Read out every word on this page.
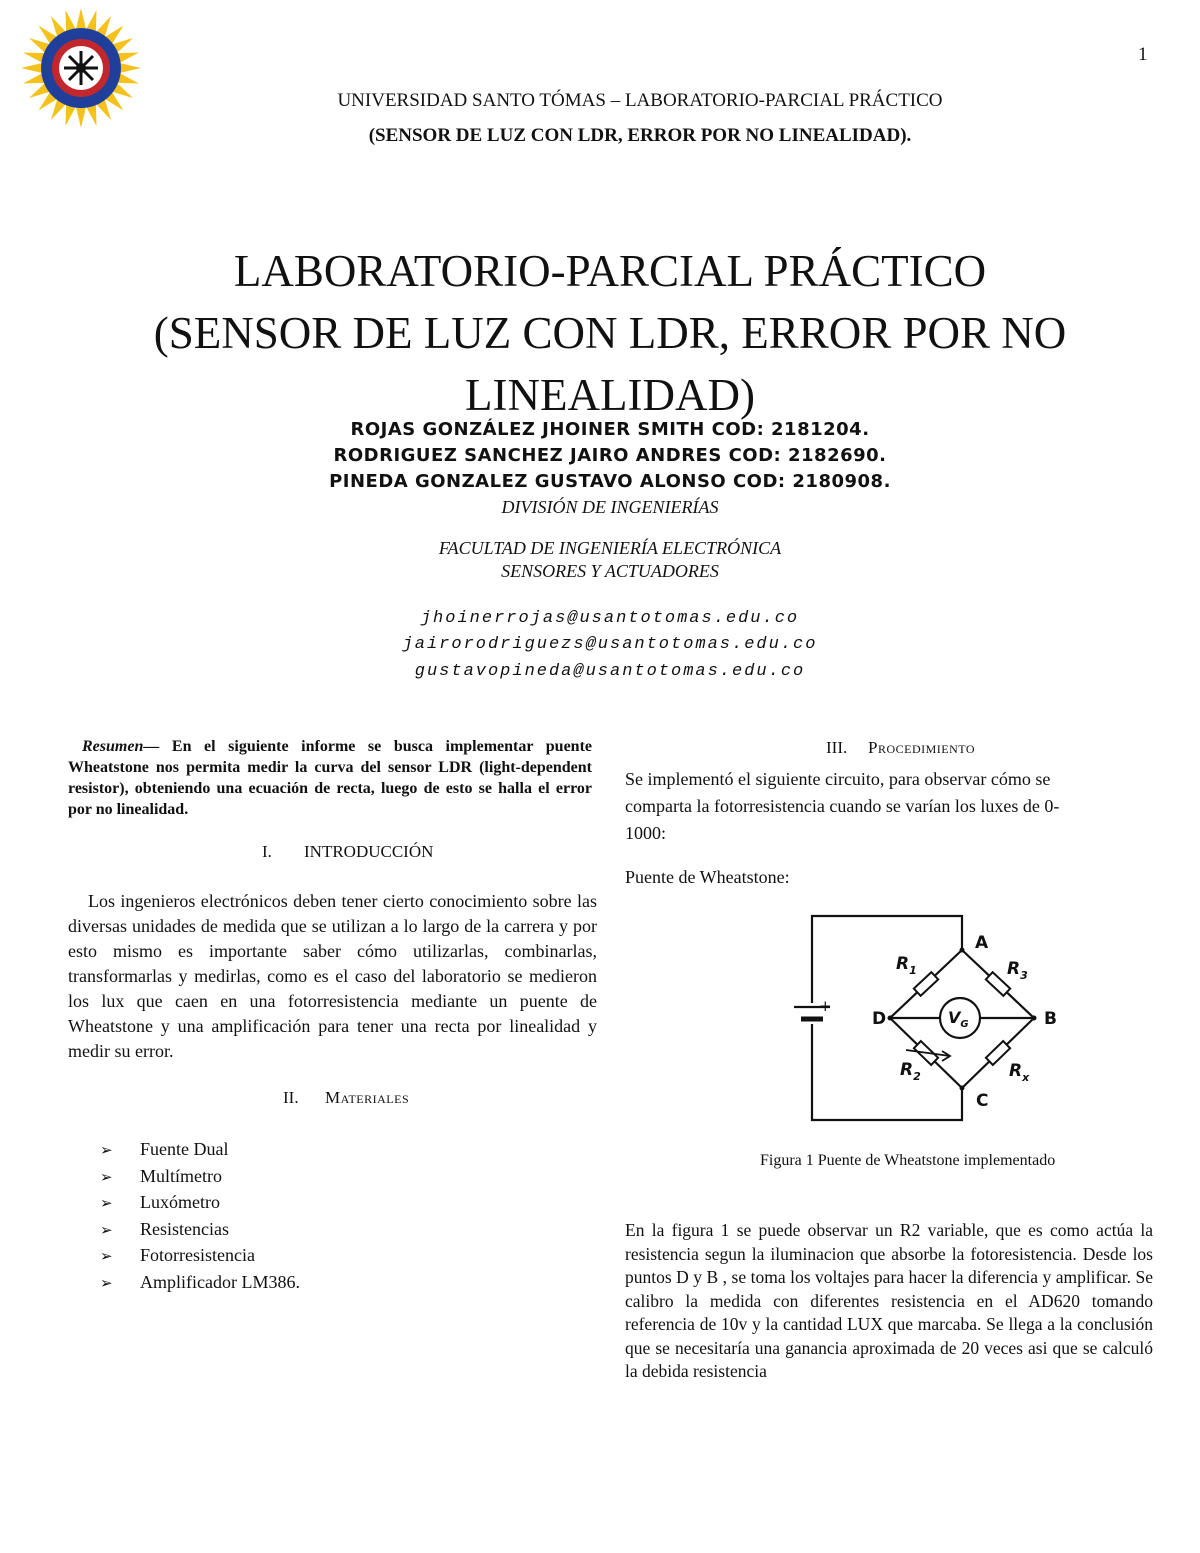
1
UNIVERSIDAD SANTO TÓMAS – LABORATORIO-PARCIAL PRÁCTICO
(SENSOR DE LUZ CON LDR, ERROR POR NO LINEALIDAD).
LABORATORIO-PARCIAL PRÁCTICO
(SENSOR DE LUZ CON LDR, ERROR POR NO
LINEALIDAD)
ROJAS GONZÁLEZ JHOINER SMITH COD: 2181204.
RODRIGUEZ SANCHEZ JAIRO ANDRES COD: 2182690.
PINEDA GONZALEZ GUSTAVO ALONSO COD: 2180908.
DIVISIÓN DE INGENIERÍAS
FACULTAD DE INGENIERÍA ELECTRÓNICA
SENSORES Y ACTUADORES
jhoinerrojas@usantotomas.edu.co
jairorodriguezs@usantotomas.edu.co
gustavopineda@usantotomas.edu.co
Resumen— En el siguiente informe se busca implementar puente Wheatstone nos permita medir la curva del sensor LDR (light-dependent resistor), obteniendo una ecuación de recta, luego de esto se halla el error por no linealidad.
I. INTRODUCCIÓN
Los ingenieros electrónicos deben tener cierto conocimiento sobre las diversas unidades de medida que se utilizan a lo largo de la carrera y por esto mismo es importante saber cómo utilizarlas, combinarlas, transformarlas y medirlas, como es el caso del laboratorio se medieron los lux que caen en una fotorresistencia mediante un puente de Wheatstone y una amplificación para tener una recta por linealidad y medir su error.
II. Materiales
➢ Fuente Dual
➢ Multímetro
➢ Luxómetro
➢ Resistencias
➢ Fotorresistencia
➢ Amplificador LM386.
III. Procedimiento
Se implementó el siguiente circuito, para observar cómo se comparta la fotorresistencia cuando se varían los luxes de 0-1000:
Puente de Wheatstone:
A
B
C
D
+
$R_1$	$R_3$
$R_2$	$R_x$
$V_G$
Figura 1 Puente de Wheatstone implementado
En la figura 1 se puede observar un R2 variable, que es como actúa la resistencia segun la iluminacion que absorbe la fotoresistencia. Desde los puntos D y B , se toma los voltajes para hacer la diferencia y amplificar. Se calibro la medida con diferentes resistencia en el AD620 tomando referencia de 10v y la cantidad LUX que marcaba. Se llega a la conclusión que se necesitaría una ganancia aproximada de 20 veces asi que se calculó la debida resistencia
